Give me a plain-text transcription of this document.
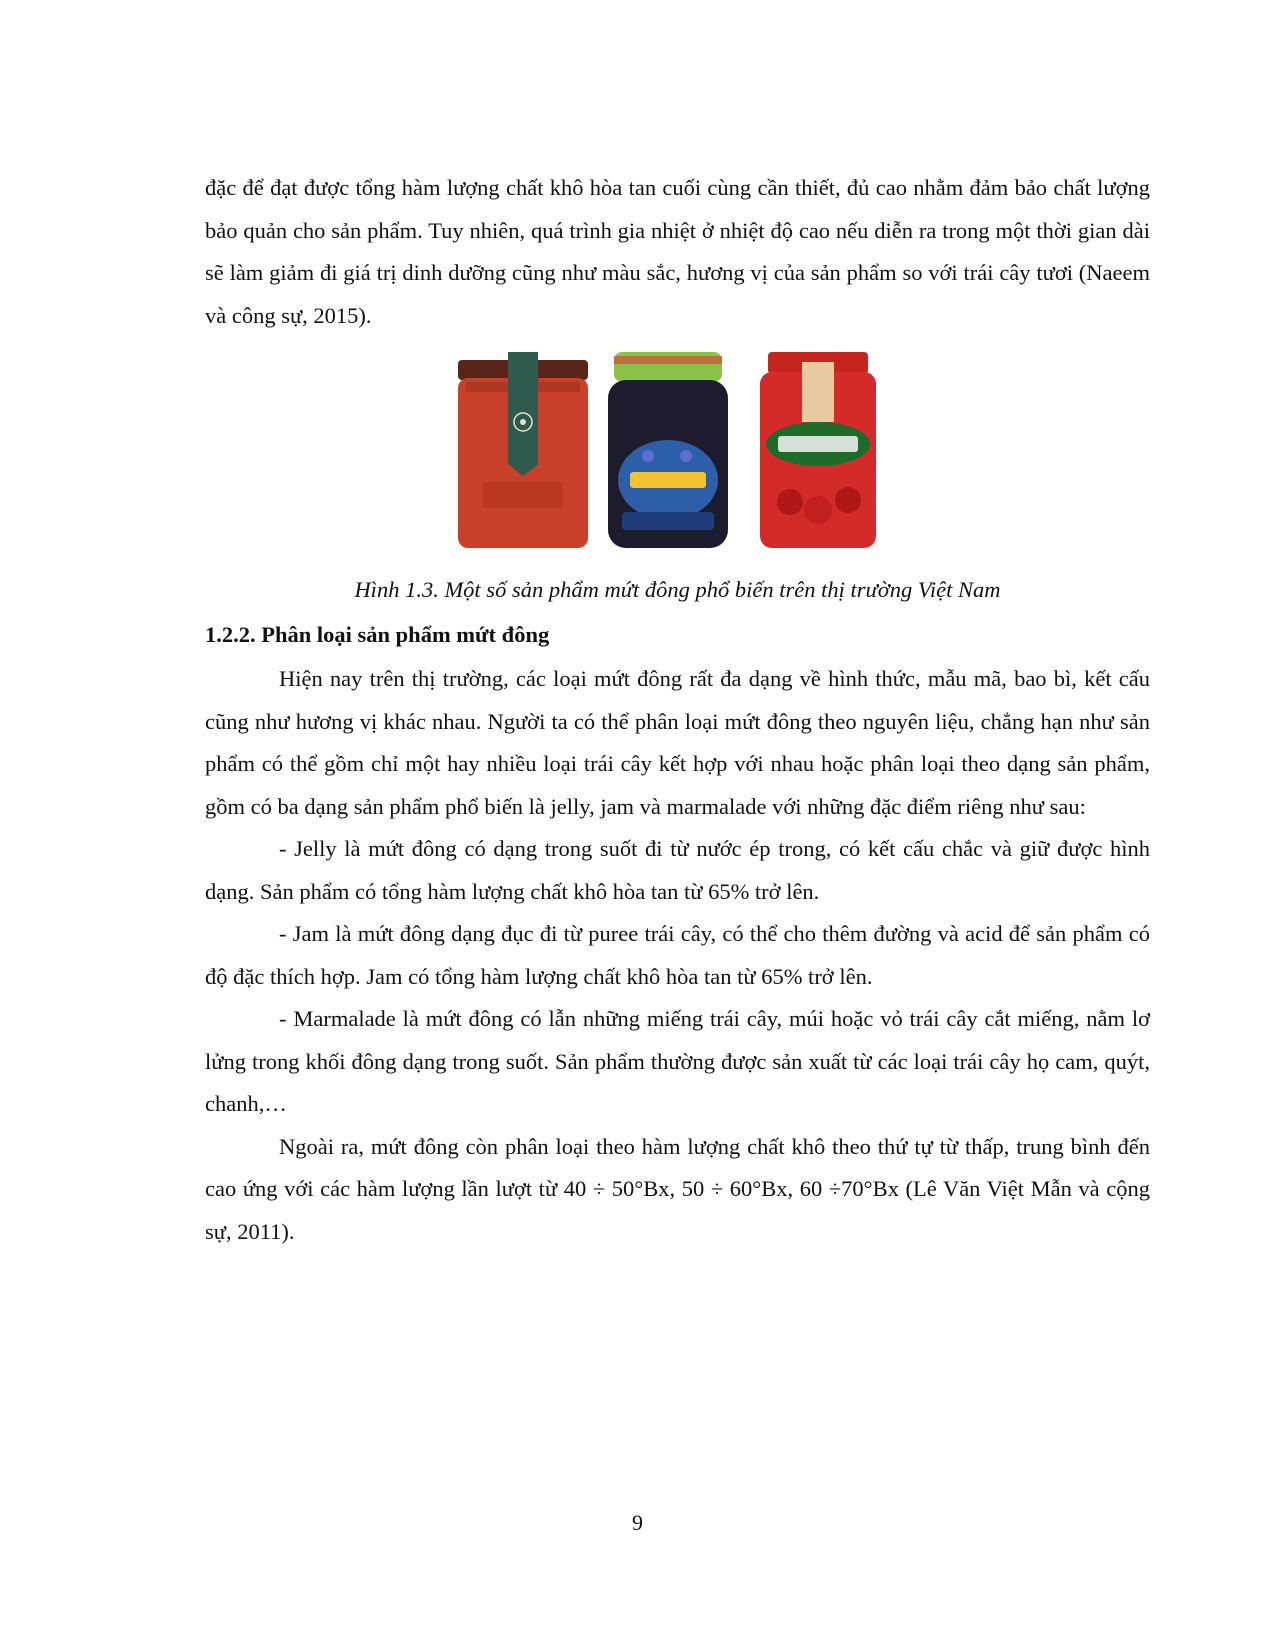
đặc để đạt được tổng hàm lượng chất khô hòa tan cuối cùng cần thiết, đủ cao nhằm đảm bảo chất lượng bảo quản cho sản phẩm. Tuy nhiên, quá trình gia nhiệt ở nhiệt độ cao nếu diễn ra trong một thời gian dài sẽ làm giảm đi giá trị dinh dưỡng cũng như màu sắc, hương vị của sản phẩm so với trái cây tươi (Naeem và công sự, 2015).

Hình 1.3. Một số sản phẩm mứt đông phổ biến trên thị trường Việt Nam

1.2.2. Phân loại sản phẩm mứt đông

Hiện nay trên thị trường, các loại mứt đông rất đa dạng về hình thức, mẫu mã, bao bì, kết cấu cũng như hương vị khác nhau. Người ta có thể phân loại mứt đông theo nguyên liệu, chẳng hạn như sản phẩm có thể gồm chỉ một hay nhiều loại trái cây kết hợp với nhau hoặc phân loại theo dạng sản phẩm, gồm có ba dạng sản phẩm phổ biến là jelly, jam và marmalade với những đặc điểm riêng như sau:

- Jelly là mứt đông có dạng trong suốt đi từ nước ép trong, có kết cấu chắc và giữ được hình dạng. Sản phẩm có tổng hàm lượng chất khô hòa tan từ 65% trở lên.

- Jam là mứt đông dạng đục đi từ puree trái cây, có thể cho thêm đường và acid để sản phẩm có độ đặc thích hợp. Jam có tổng hàm lượng chất khô hòa tan từ 65% trở lên.

- Marmalade là mứt đông có lẫn những miếng trái cây, múi hoặc vỏ trái cây cắt miếng, nằm lơ lửng trong khối đông dạng trong suốt. Sản phẩm thường được sản xuất từ các loại trái cây họ cam, quýt, chanh,…

Ngoài ra, mứt đông còn phân loại theo hàm lượng chất khô theo thứ tự từ thấp, trung bình đến cao ứng với các hàm lượng lần lượt từ 40 ÷ 50°Bx, 50 ÷ 60°Bx, 60 ÷70°Bx (Lê Văn Việt Mẫn và cộng sự, 2011).

9
